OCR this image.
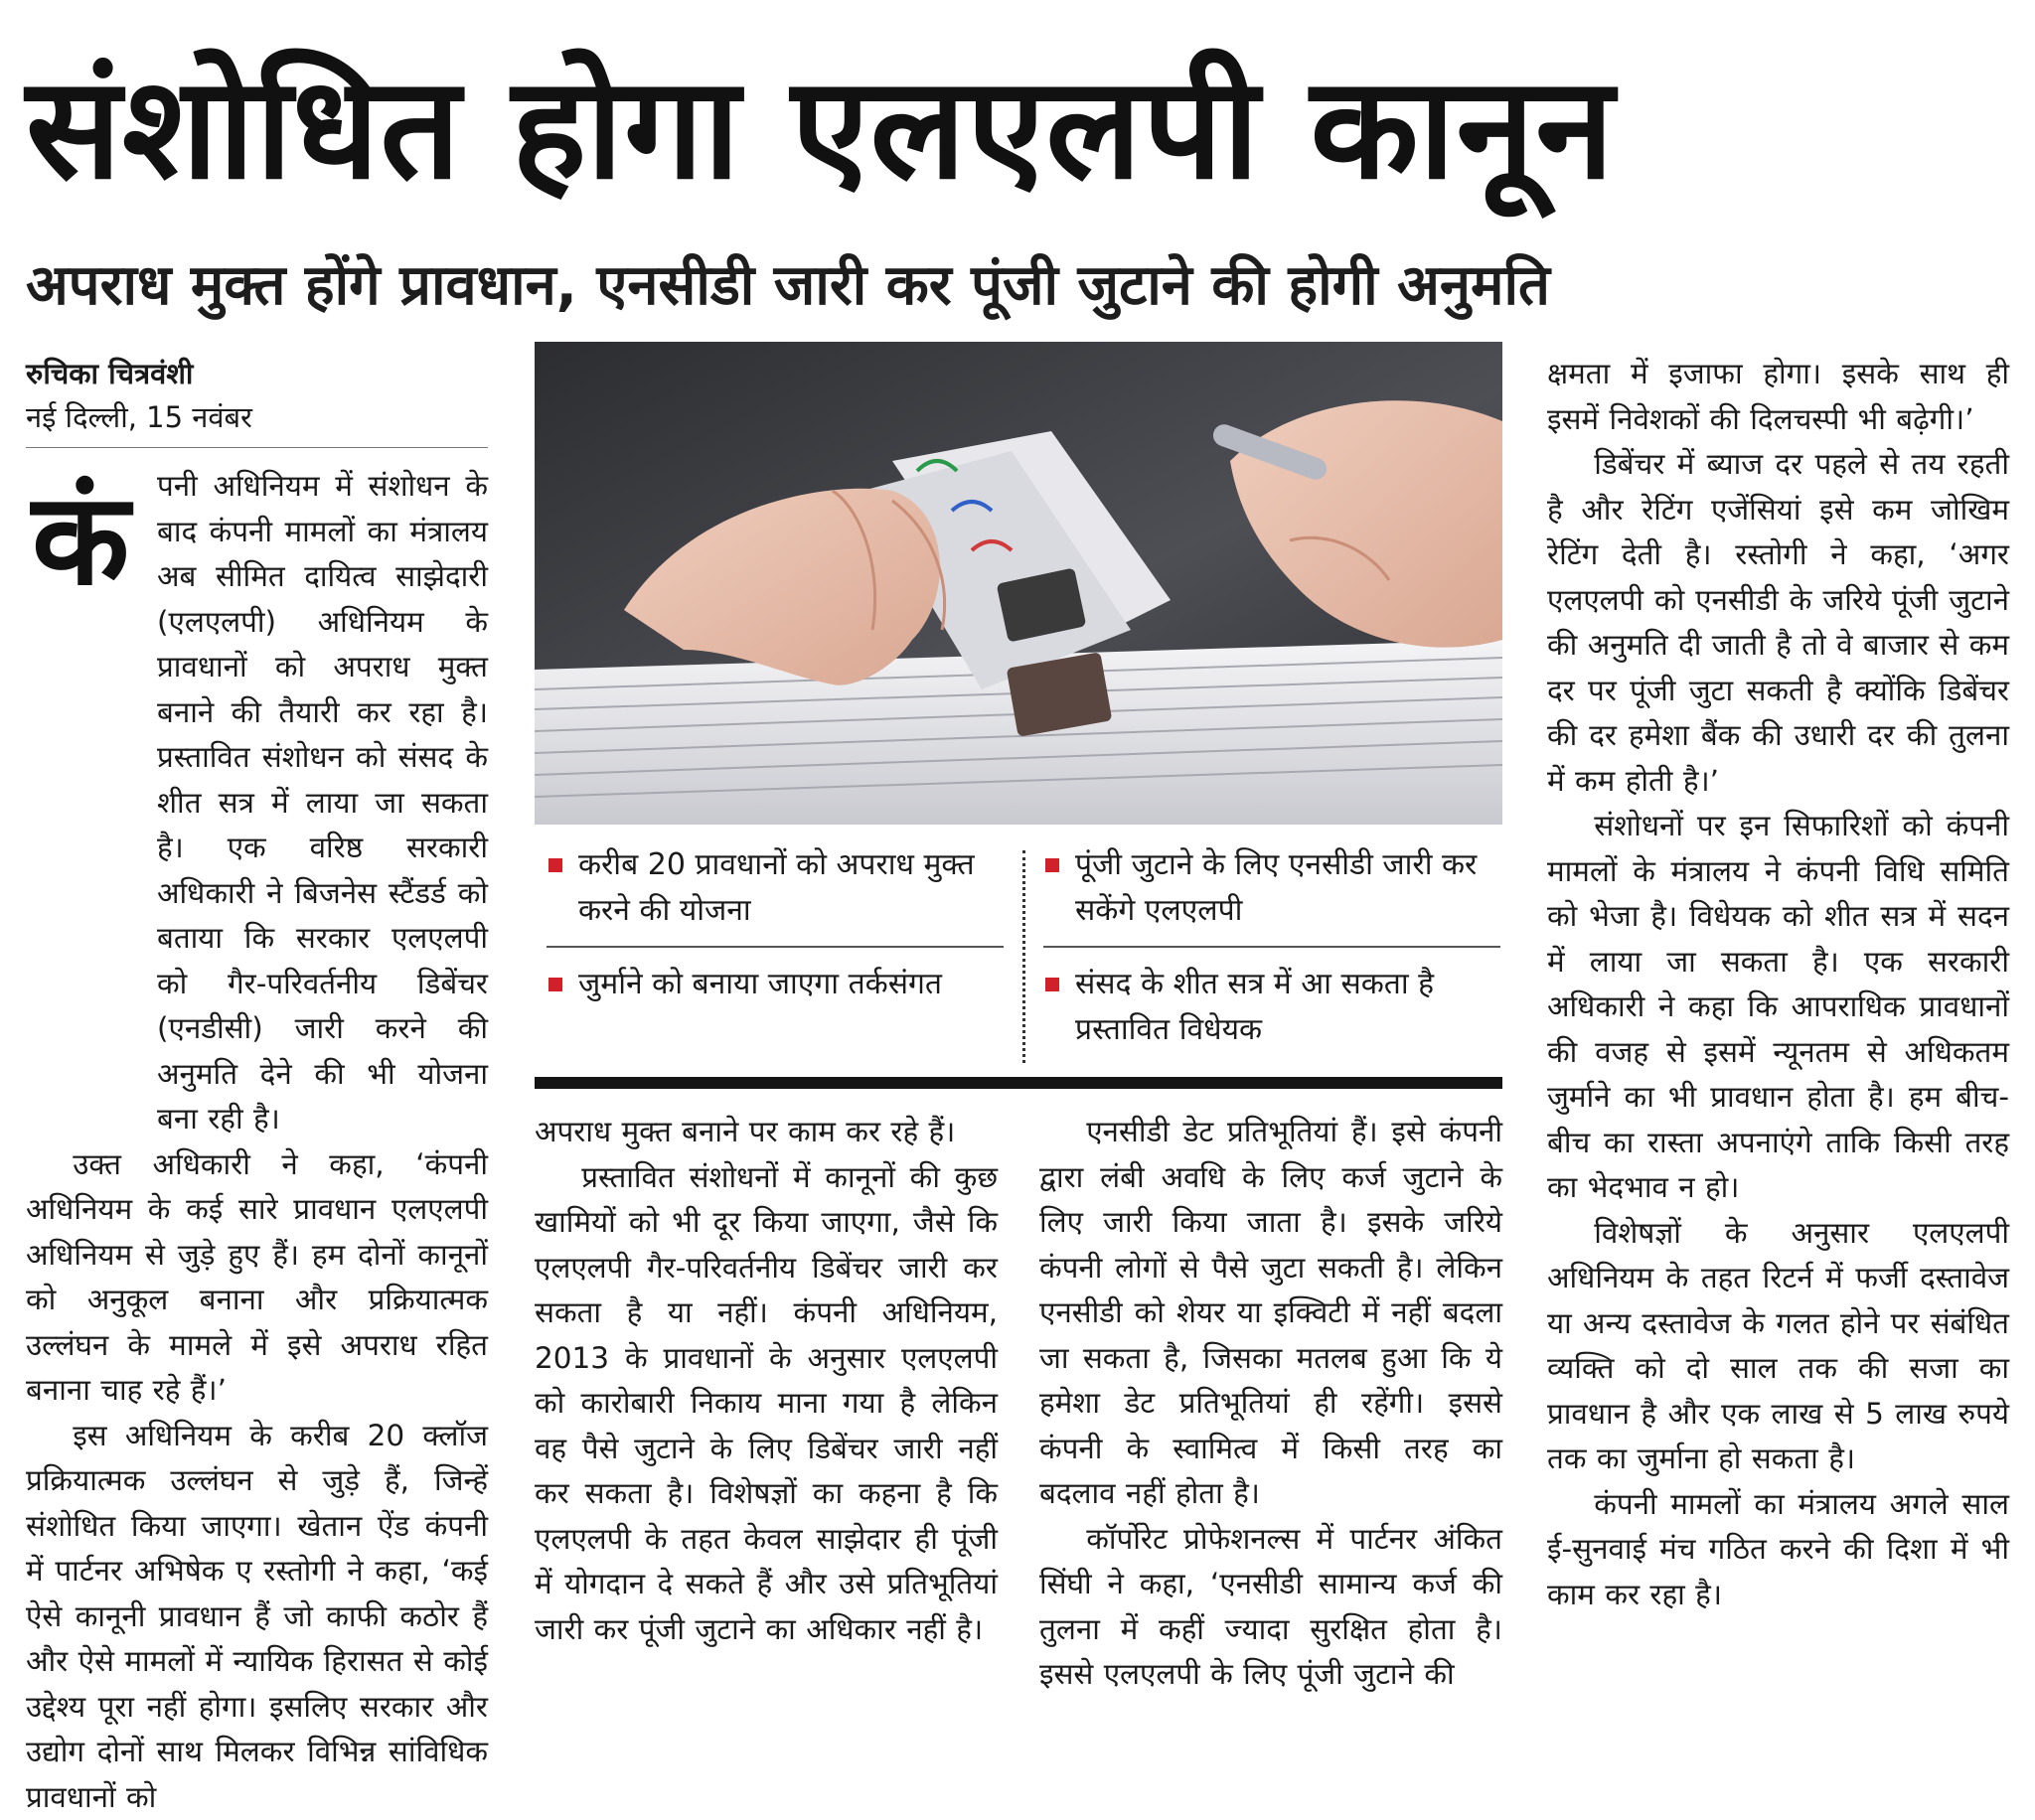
संशोधित होगा एलएलपी कानून
अपराध मुक्त होंगे प्रावधान, एनसीडी जारी कर पूंजी जुटाने की होगी अनुमति
रुचिका चित्रवंशी
नई दिल्ली, 15 नवंबर
कं पनी अधिनियम में संशोधन के बाद कंपनी मामलों का मंत्रालय अब सीमित दायित्व साझेदारी (एलएलपी) अधिनियम के प्रावधानों को अपराध मुक्त बनाने की तैयारी कर रहा है। प्रस्तावित संशोधन को संसद के शीत सत्र में लाया जा सकता है। एक वरिष्ठ सरकारी अधिकारी ने बिजनेस स्टैंडर्ड को बताया कि सरकार एलएलपी को गैर-परिवर्तनीय डिबेंचर (एनडीसी) जारी करने की अनुमति देने की भी योजना बना रही है।

उक्त अधिकारी ने कहा, ‘कंपनी अधिनियम के कई सारे प्रावधान एलएलपी अधिनियम से जुड़े हुए हैं। हम दोनों कानूनों को अनुकूल बनाना और प्रक्रियात्मक उल्लंघन के मामले में इसे अपराध रहित बनाना चाह रहे हैं।’

इस अधिनियम के करीब 20 क्लॉज प्रक्रियात्मक उल्लंघन से जुड़े हैं, जिन्हें संशोधित किया जाएगा। खेतान ऐंड कंपनी में पार्टनर अभिषेक ए रस्तोगी ने कहा, ‘कई ऐसे कानूनी प्रावधान हैं जो काफी कठोर हैं और ऐसे मामलों में न्यायिक हिरासत से कोई उद्देश्य पूरा नहीं होगा। इसलिए सरकार और उद्योग दोनों साथ मिलकर विभिन्न सांविधिक प्रावधानों को

करीब 20 प्रावधानों को अपराध मुक्त करने की योजना
जुर्माने को बनाया जाएगा तर्कसंगत
पूंजी जुटाने के लिए एनसीडी जारी कर सकेंगे एलएलपी
संसद के शीत सत्र में आ सकता है प्रस्तावित विधेयक

अपराध मुक्त बनाने पर काम कर रहे हैं।

प्रस्तावित संशोधनों में कानूनों की कुछ खामियों को भी दूर किया जाएगा, जैसे कि एलएलपी गैर-परिवर्तनीय डिबेंचर जारी कर सकता है या नहीं। कंपनी अधिनियम, 2013 के प्रावधानों के अनुसार एलएलपी को कारोबारी निकाय माना गया है लेकिन वह पैसे जुटाने के लिए डिबेंचर जारी नहीं कर सकता है। विशेषज्ञों का कहना है कि एलएलपी के तहत केवल साझेदार ही पूंजी में योगदान दे सकते हैं और उसे प्रतिभूतियां जारी कर पूंजी जुटाने का अधिकार नहीं है।

एनसीडी डेट प्रतिभूतियां हैं। इसे कंपनी द्वारा लंबी अवधि के लिए कर्ज जुटाने के लिए जारी किया जाता है। इसके जरिये कंपनी लोगों से पैसे जुटा सकती है। लेकिन एनसीडी को शेयर या इक्विटी में नहीं बदला जा सकता है, जिसका मतलब हुआ कि ये हमेशा डेट प्रतिभूतियां ही रहेंगी। इससे कंपनी के स्वामित्व में किसी तरह का बदलाव नहीं होता है।

कॉर्पोरेट प्रोफेशनल्स में पार्टनर अंकित सिंघी ने कहा, ‘एनसीडी सामान्य कर्ज की तुलना में कहीं ज्यादा सुरक्षित होता है। इससे एलएलपी के लिए पूंजी जुटाने की

क्षमता में इजाफा होगा। इसके साथ ही इसमें निवेशकों की दिलचस्पी भी बढ़ेगी।’

डिबेंचर में ब्याज दर पहले से तय रहती है और रेटिंग एजेंसियां इसे कम जोखिम रेटिंग देती है। रस्तोगी ने कहा, ‘अगर एलएलपी को एनसीडी के जरिये पूंजी जुटाने की अनुमति दी जाती है तो वे बाजार से कम दर पर पूंजी जुटा सकती है क्योंकि डिबेंचर की दर हमेशा बैंक की उधारी दर की तुलना में कम होती है।’

संशोधनों पर इन सिफारिशों को कंपनी मामलों के मंत्रालय ने कंपनी विधि समिति को भेजा है। विधेयक को शीत सत्र में सदन में लाया जा सकता है। एक सरकारी अधिकारी ने कहा कि आपराधिक प्रावधानों की वजह से इसमें न्यूनतम से अधिकतम जुर्माने का भी प्रावधान होता है। हम बीच-बीच का रास्ता अपनाएंगे ताकि किसी तरह का भेदभाव न हो।

विशेषज्ञों के अनुसार एलएलपी अधिनियम के तहत रिटर्न में फर्जी दस्तावेज या अन्य दस्तावेज के गलत होने पर संबंधित व्यक्ति को दो साल तक की सजा का प्रावधान है और एक लाख से 5 लाख रुपये तक का जुर्माना हो सकता है।

कंपनी मामलों का मंत्रालय अगले साल ई-सुनवाई मंच गठित करने की दिशा में भी काम कर रहा है।
